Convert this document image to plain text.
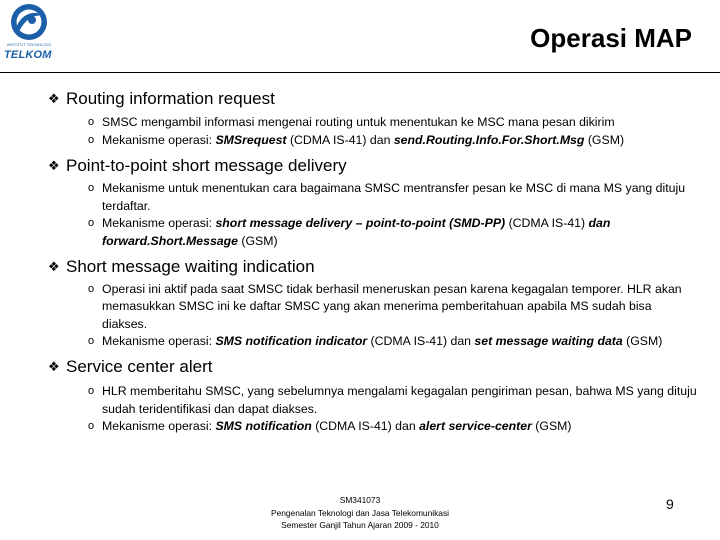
INSTITUT TEKNOLOGI
TELKOM
Operasi MAP
❖ Routing information request
o SMSC mengambil informasi mengenai routing untuk menentukan ke MSC mana pesan dikirim
o Mekanisme operasi: SMSrequest (CDMA IS-41) dan send.Routing.Info.For.Short.Msg (GSM)
❖ Point-to-point short message delivery
o Mekanisme untuk menentukan cara bagaimana SMSC mentransfer pesan ke MSC di mana MS yang dituju terdaftar.
o Mekanisme operasi: short message delivery – point-to-point (SMD-PP) (CDMA IS-41) dan forward.Short.Message (GSM)
❖ Short message waiting indication
o Operasi ini aktif pada saat SMSC tidak berhasil meneruskan pesan karena kegagalan temporer. HLR akan memasukkan SMSC ini ke daftar SMSC yang akan menerima pemberitahuan apabila MS sudah bisa diakses.
o Mekanisme operasi: SMS notification indicator (CDMA IS-41) dan set message waiting data (GSM)
❖ Service center alert
o HLR memberitahu SMSC, yang sebelumnya mengalami kegagalan pengiriman pesan, bahwa MS yang dituju sudah teridentifikasi dan dapat diakses.
o Mekanisme operasi: SMS notification (CDMA IS-41) dan alert service-center (GSM)
SM341073
Pengenalan Teknologi dan Jasa Telekomunikasi
Semester Ganjil Tahun Ajaran 2009 - 2010
9
